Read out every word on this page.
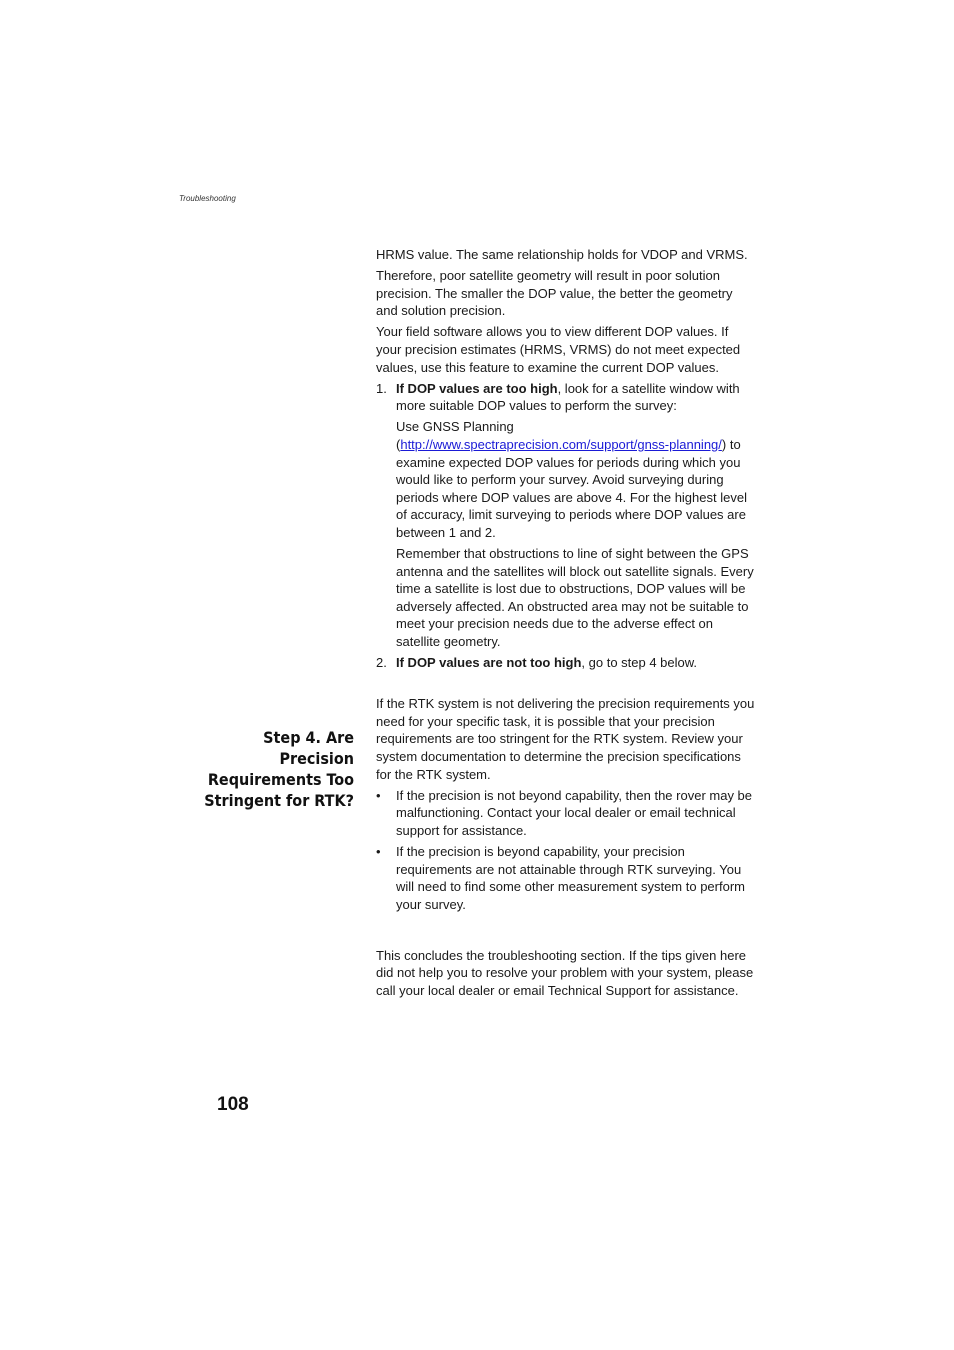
Troubleshooting

HRMS value. The same relationship holds for VDOP and VRMS.

Therefore, poor satellite geometry will result in poor solution precision. The smaller the DOP value, the better the geometry and solution precision.

Your field software allows you to view different DOP values. If your precision estimates (HRMS, VRMS) do not meet expected values, use this feature to examine the current DOP values.

1. If DOP values are too high, look for a satellite window with more suitable DOP values to perform the survey:

Use GNSS Planning (http://www.spectraprecision.com/support/gnss-planning/) to examine expected DOP values for periods during which you would like to perform your survey. Avoid surveying during periods where DOP values are above 4. For the highest level of accuracy, limit surveying to periods where DOP values are between 1 and 2.

Remember that obstructions to line of sight between the GPS antenna and the satellites will block out satellite signals. Every time a satellite is lost due to obstructions, DOP values will be adversely affected. An obstructed area may not be suitable to meet your precision needs due to the adverse effect on satellite geometry.

2. If DOP values are not too high, go to step 4 below.

If the RTK system is not delivering the precision requirements you need for your specific task, it is possible that your precision requirements are too stringent for the RTK system. Review your system documentation to determine the precision specifications for the RTK system.

• If the precision is not beyond capability, then the rover may be malfunctioning. Contact your local dealer or email technical support for assistance.

• If the precision is beyond capability, your precision requirements are not attainable through RTK surveying. You will need to find some other measurement system to perform your survey.

This concludes the troubleshooting section. If the tips given here did not help you to resolve your problem with your system, please call your local dealer or email Technical Support for assistance.

Step 4. Are Precision Requirements Too Stringent for RTK?
108
